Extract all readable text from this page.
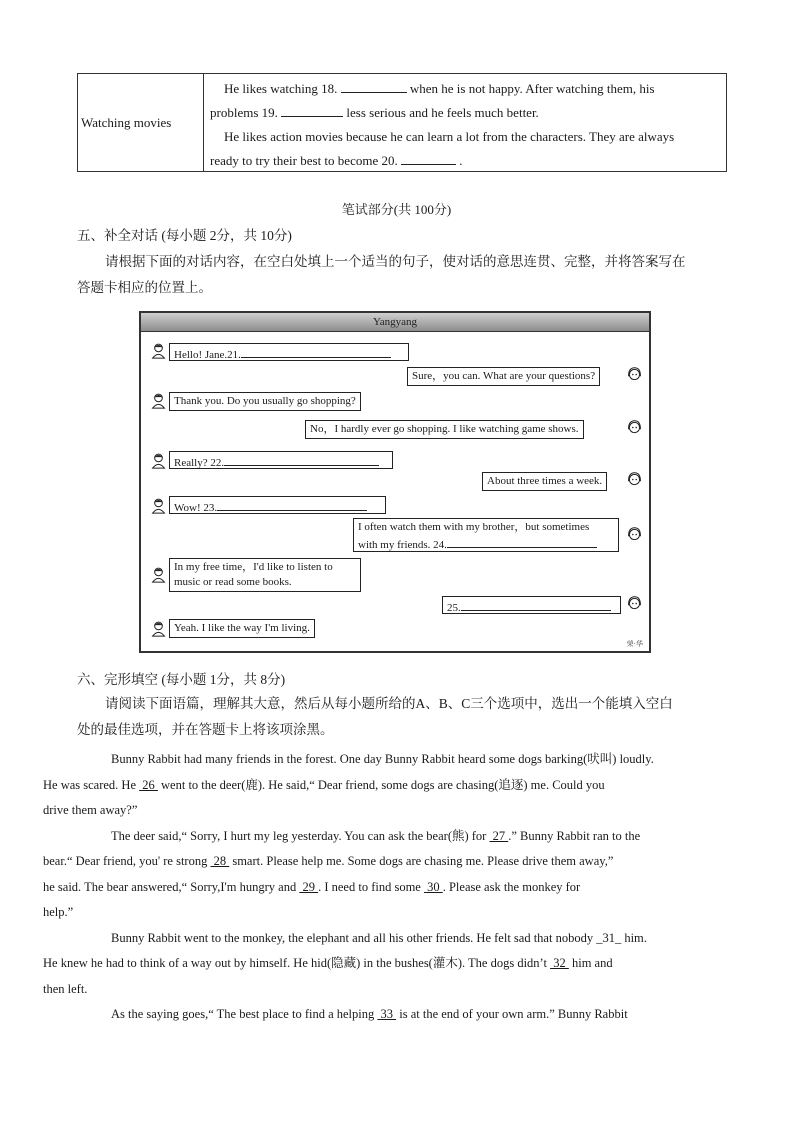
Watching movies

He likes watching 18.	when he is not happy. After watching them, his

problems 19.	less serious and he feels much better.

He likes action movies because he can learn a lot from the characters. They are always

ready to try their best to become 20.	.

笔试部分(共 100分)
五、补全对话 (每小题 2分，共 10分)
请根据下面的对话内容，在空白处填上一个适当的句子，使对话的意思连贯、完整，并将答案写在
答题卡相应的位置上。
Yangyang
Hello! Jane.21.
Sure，you can. What are your questions?
Thank you. Do you usually go shopping?
No，I hardly ever go shopping. I like watching game shows.
Really? 22.
About three times a week.
Wow! 23.
I often watch them with my brother，but sometimes
with my friends. 24.
In my free time，I'd like to listen to
music or read some books.
25.
Yeah. I like the way I'm living.
荣·华
六、完形填空 (每小题 1分，共 8分)
请阅读下面语篇，理解其大意，然后从每小题所给的A、B、C三个选项中，选出一个能填入空白
处的最佳选项，并在答题卡上将该项涂黑。

Bunny Rabbit had many friends in the forest. One day Bunny Rabbit heard some dogs barking(吠叫) loudly.
He was scared. He  26  went to the deer(鹿). He said,“ Dear friend, some dogs are chasing(追逐) me. Could you
drive them away?”

The deer said,“ Sorry, I hurt my leg yesterday. You can ask the bear(熊) for  27 .” Bunny Rabbit ran to the
bear.“ Dear friend, you' re strong  28  smart. Please help me. Some dogs are chasing me. Please drive them away,”
he said. The bear answered,“ Sorry,I'm hungry and  29 . I need to find some  30 . Please ask the monkey for
help.”

Bunny Rabbit went to the monkey, the elephant and all his other friends. He felt sad that nobody _31_ him.
He knew he had to think of a way out by himself. He hid(隐藏) in the bushes(灌木). The dogs didn’t  32  him and
then left.

As the saying goes,“ The best place to find a helping  33  is at the end of your own arm.” Bunny Rabbit
